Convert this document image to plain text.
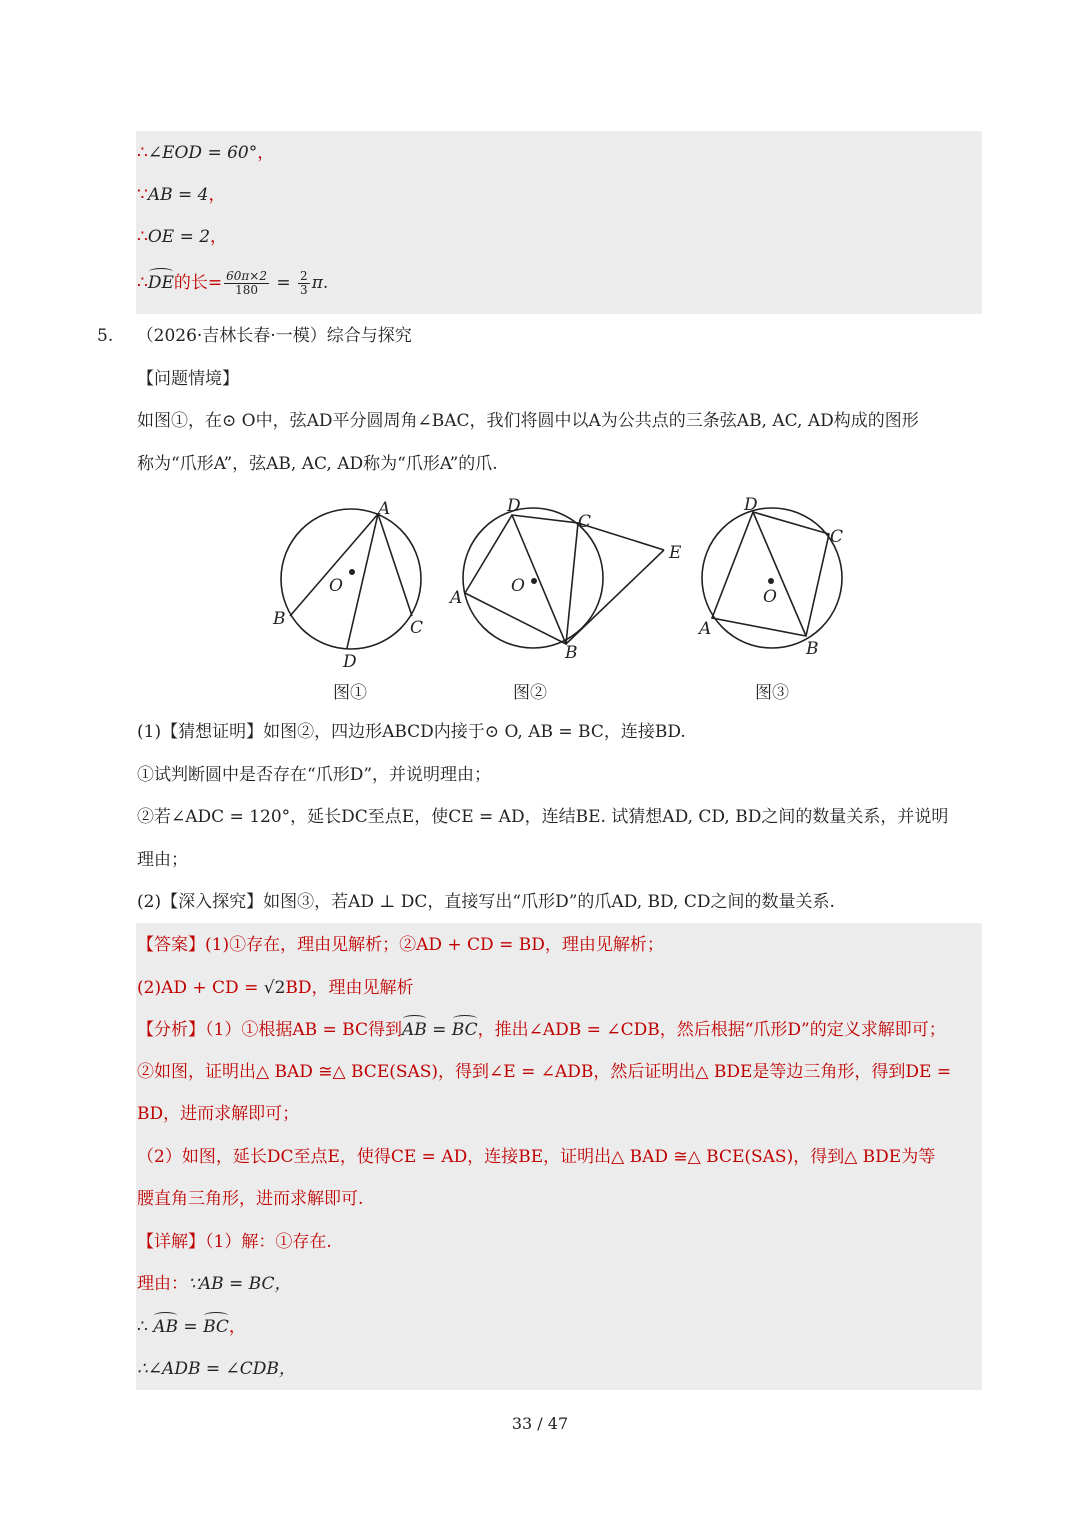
∴∠EOD = 60°，
∵AB = 4，
∴OE = 2，
∴DE的长= $\frac{60\pi\times 2}{180} = \frac{2}{3} \pi$.
5. （2026·吉林长春·一模）综合与探究
【问题情境】
如图①，在⊙ O中，弦AD平分圆周角∠BAC，我们将圆中以A为公共点的三条弦AB, AC, AD构成的图形
称为“爪形A”，弦AB, AC, AD称为“爪形A”的爪.
A
B	C
D
O
D
C
E
A
B
O
D
C
A
B
O
图①	图②	图③
(1)【猜想证明】如图②，四边形ABCD内接于⊙ O, AB = BC，连接BD.
①试判断圆中是否存在“爪形D”，并说明理由；
②若∠ADC = 120°，延长DC至点E，使CE = AD，连结BE. 试猜想AD, CD, BD之间的数量关系，并说明
理由；
(2)【深入探究】如图③，若AD ⊥ DC，直接写出“爪形D”的爪AD, BD, CD之间的数量关系.
【答案】(1)①存在，理由见解析；②AD + CD = BD，理由见解析；
(2)AD + CD = √2BD，理由见解析
【分析】（1）①根据AB = BC得到AB = BC，推出∠ADB = ∠CDB，然后根据“爪形D”的定义求解即可；
②如图，证明出△ BAD ≅△ BCE(SAS)，得到∠E = ∠ADB，然后证明出△ BDE是等边三角形，得到DE =
BD，进而求解即可；
（2）如图，延长DC至点E，使得CE = AD，连接BE，证明出△ BAD ≅△ BCE(SAS)，得到△ BDE为等
腰直角三角形，进而求解即可.
【详解】（1）解：①存在.
理由：∵AB = BC，
∴ AB = BC，
∴∠ADB = ∠CDB，
33 / 47
